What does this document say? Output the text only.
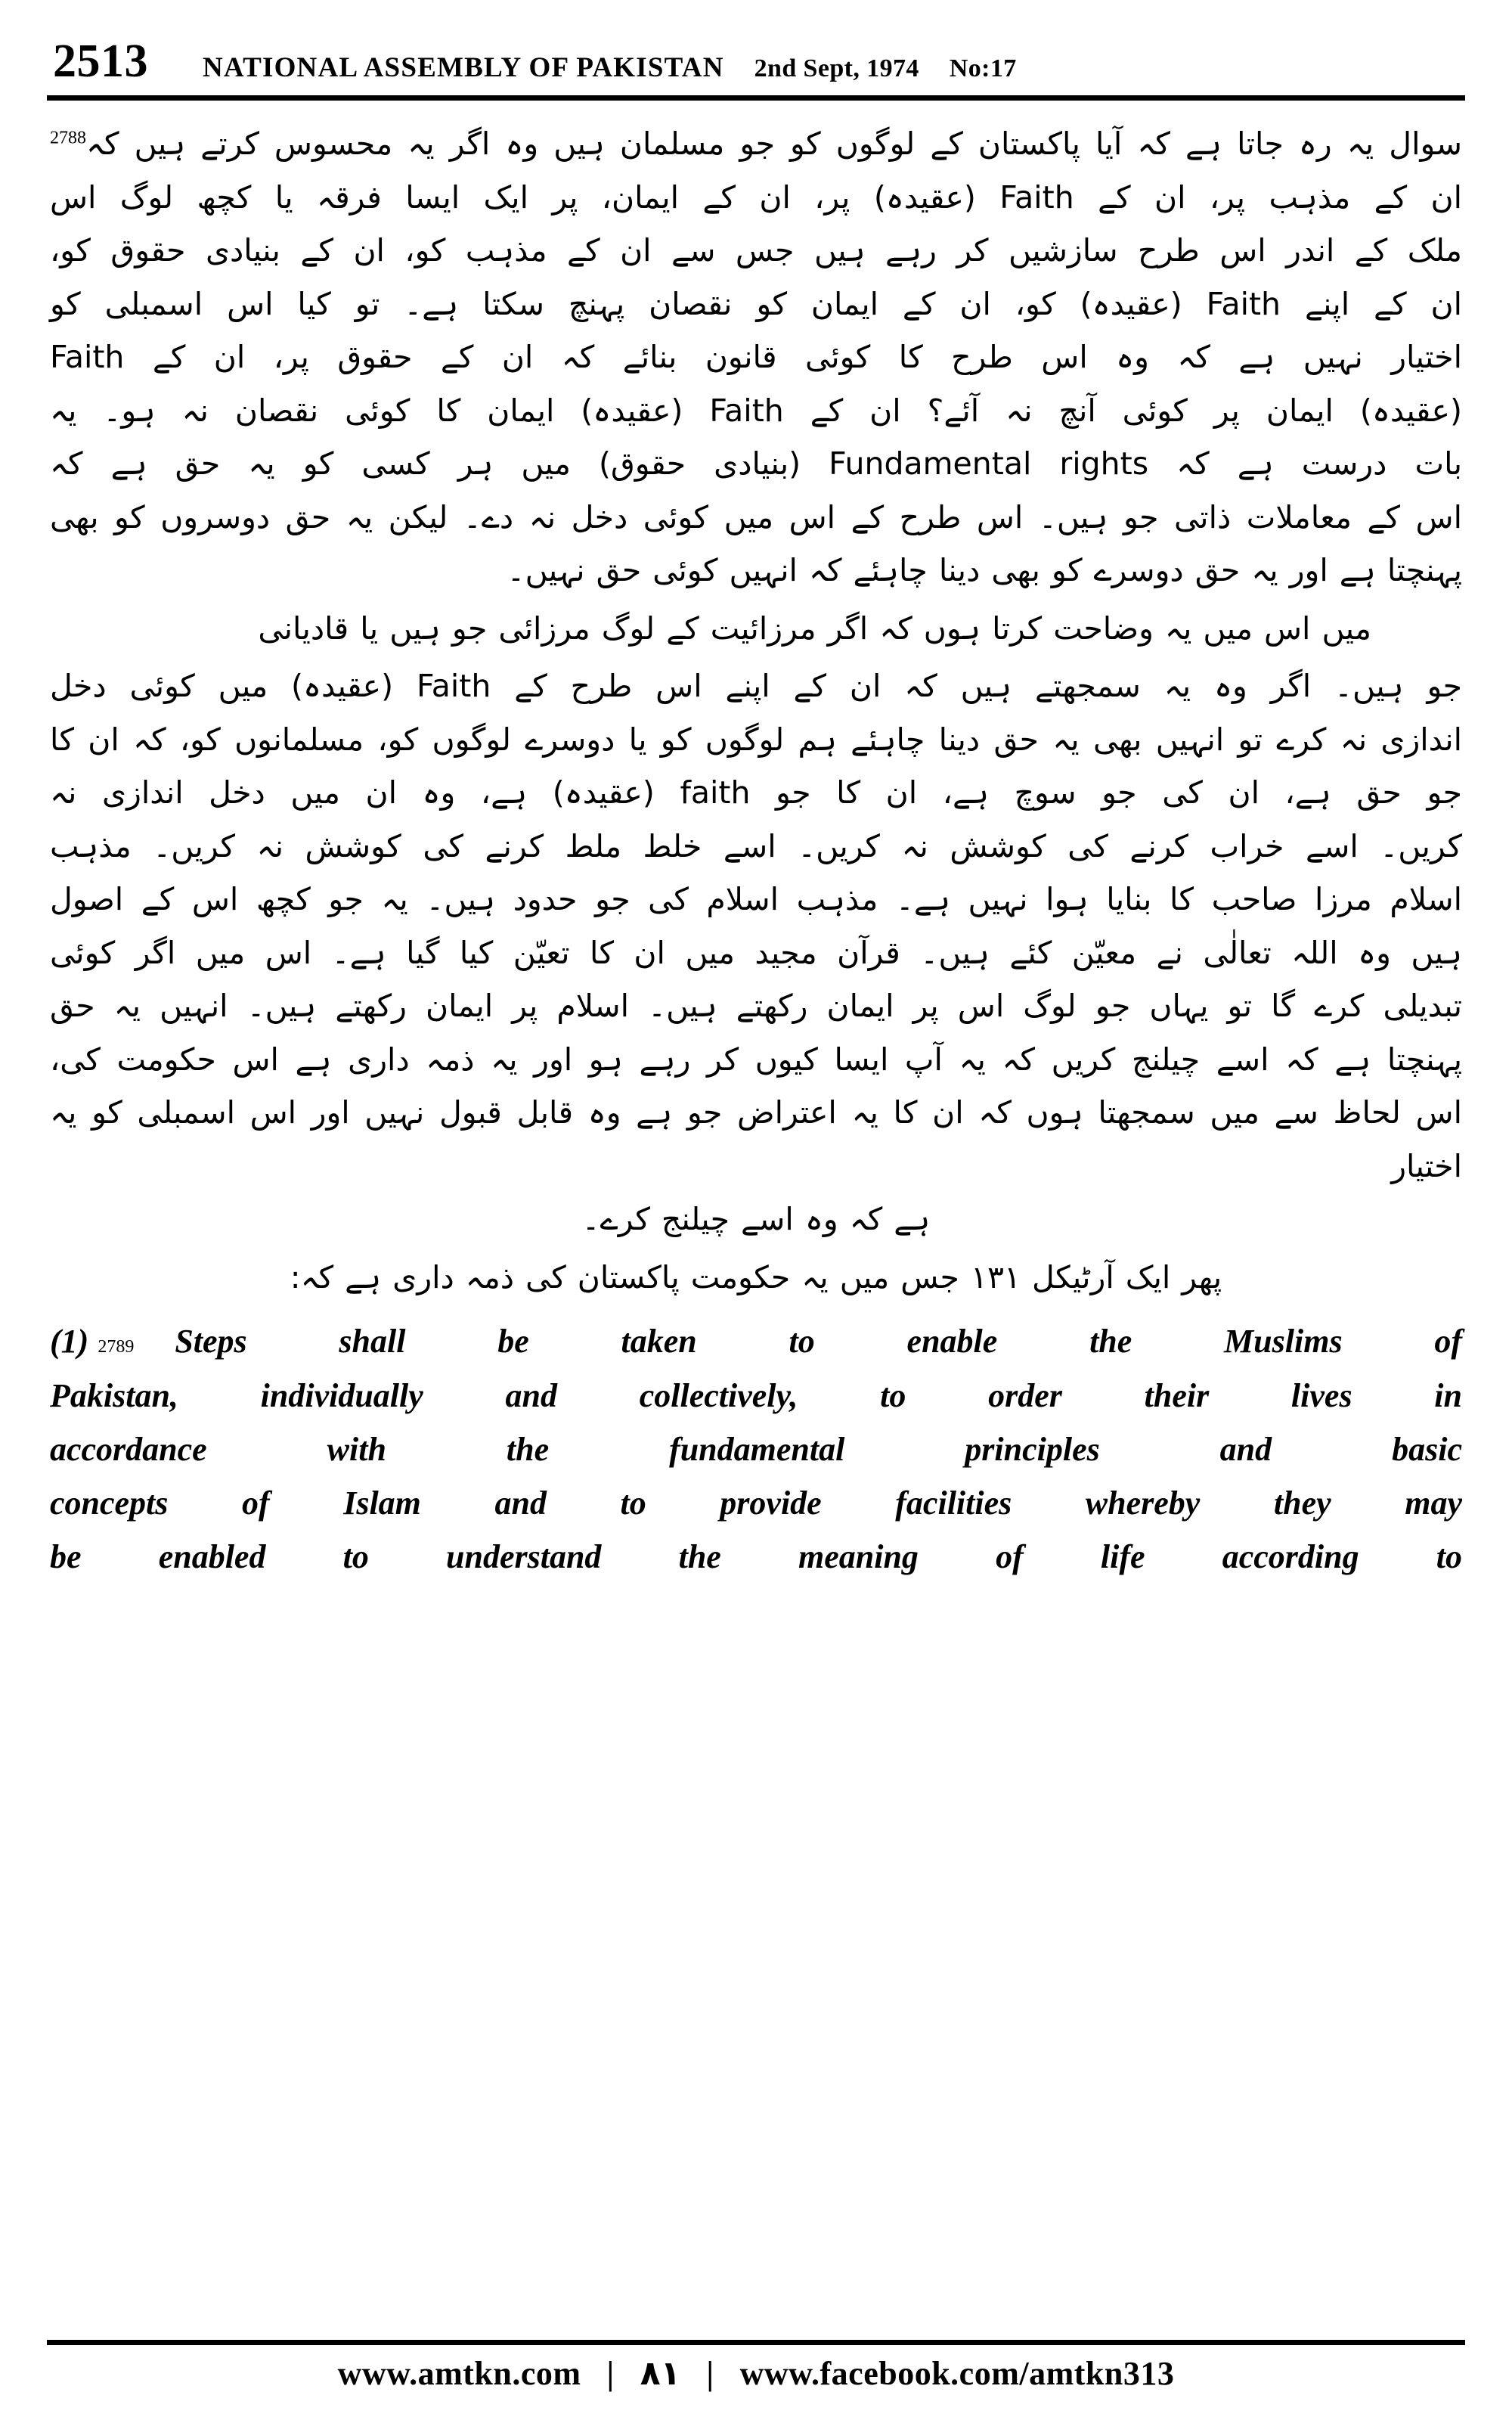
2513 NATIONAL ASSEMBLY OF PAKISTAN 2nd Sept, 1974 No:17
سوال یہ رہ جاتا ہے کہ آیا پاکستان کے لوگوں کو جو مسلمان ہیں وہ اگر یہ محسوس کرتے ہیں کہ$^{2788}$
ان کے مذہب پر، ان کے Faith (عقیدہ) پر، ان کے ایمان، پر ایک ایسا فرقہ یا کچھ لوگ اس
ملک کے اندر اس طرح سازشیں کر رہے ہیں جس سے ان کے مذہب کو، ان کے بنیادی حقوق کو،
ان کے اپنے Faith (عقیدہ) کو، ان کے ایمان کو نقصان پہنچ سکتا ہے۔ تو کیا اس اسمبلی کو
اختیار نہیں ہے کہ وہ اس طرح کا کوئی قانون بنائے کہ ان کے حقوق پر، ان کے Faith
(عقیدہ) ایمان پر کوئی آنچ نہ آئے؟ ان کے Faith (عقیدہ) ایمان کا کوئی نقصان نہ ہو۔ یہ
بات درست ہے کہ Fundamental rights (بنیادی حقوق) میں ہر کسی کو یہ حق ہے کہ
اس کے معاملات ذاتی جو ہیں۔ اس طرح کے اس میں کوئی دخل نہ دے۔ لیکن یہ حق دوسروں کو بھی
پہنچتا ہے اور یہ حق دوسرے کو بھی دینا چاہئے کہ انہیں کوئی حق نہیں۔
میں اس میں یہ وضاحت کرتا ہوں کہ اگر مرزائیت کے لوگ مرزائی جو ہیں یا قادیانی
جو ہیں۔ اگر وہ یہ سمجھتے ہیں کہ ان کے اپنے اس طرح کے Faith (عقیدہ) میں کوئی دخل
اندازی نہ کرے تو انہیں بھی یہ حق دینا چاہئے ہم لوگوں کو یا دوسرے لوگوں کو، مسلمانوں کو، کہ ان کا
جو حق ہے، ان کی جو سوچ ہے، ان کا جو faith (عقیدہ) ہے، وہ ان میں دخل اندازی نہ
کریں۔ اسے خراب کرنے کی کوشش نہ کریں۔ اسے خلط ملط کرنے کی کوشش نہ کریں۔ مذہب
اسلام مرزا صاحب کا بنایا ہوا نہیں ہے۔ مذہب اسلام کی جو حدود ہیں۔ یہ جو کچھ اس کے اصول
ہیں وہ اللہ تعالٰی نے معیّن کئے ہیں۔ قرآن مجید میں ان کا تعیّن کیا گیا ہے۔ اس میں اگر کوئی
تبدیلی کرے گا تو یہاں جو لوگ اس پر ایمان رکھتے ہیں۔ اسلام پر ایمان رکھتے ہیں۔ انہیں یہ حق
پہنچتا ہے کہ اسے چیلنج کریں کہ یہ آپ ایسا کیوں کر رہے ہو اور یہ ذمہ داری ہے اس حکومت کی،
اس لحاظ سے میں سمجھتا ہوں کہ ان کا یہ اعتراض جو ہے وہ قابل قبول نہیں اور اس اسمبلی کو یہ اختیار
ہے کہ وہ اسے چیلنج کرے۔
پھر ایک آرٹیکل ۱۳۱ جس میں یہ حکومت پاکستان کی ذمہ داری ہے کہ:
(1) 2789 Steps shall be taken to enable the Muslims of
Pakistan, individually and collectively, to order their lives in
accordance with the fundamental principles and basic
concepts of Islam and to provide facilities whereby they may
be enabled to understand the meaning of life according to
www.amtkn.com | ۸۱ | www.facebook.com/amtkn313
